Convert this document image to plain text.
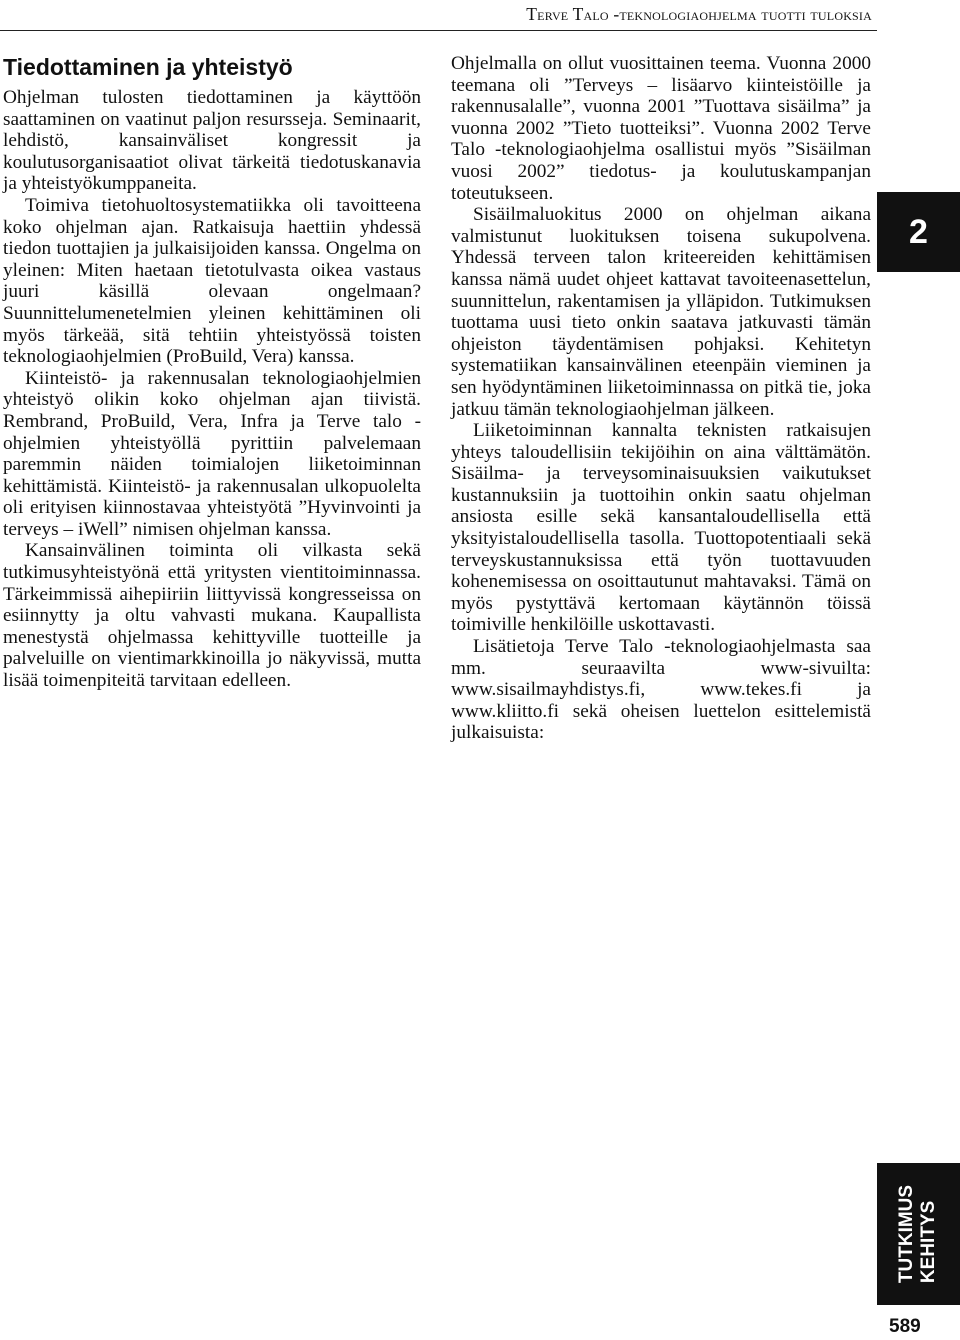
Terve Talo -teknologiaohjelma tuotti tuloksia
Tiedottaminen ja yhteistyö

Ohjelman tulosten tiedottaminen ja käyttöön saattaminen on vaatinut paljon resursseja. Seminaarit, lehdistö, kansainväliset kongressit ja koulutusorganisaatiot olivat tärkeitä tiedotuskanavia ja yhteistyökumppaneita.

Toimiva tietohuoltosystematiikka oli tavoitteena koko ohjelman ajan. Ratkaisuja haettiin yhdessä tiedon tuottajien ja julkaisijoiden kanssa. Ongelma on yleinen: Miten haetaan tietotulvasta oikea vastaus juuri käsillä olevaan ongelmaan? Suunnittelumenetelmien yleinen kehittäminen oli myös tärkeää, sitä tehtiin yhteistyössä toisten teknologiaohjelmien (ProBuild, Vera) kanssa.

Kiinteistö- ja rakennusalan teknologiaohjelmien yhteistyö olikin koko ohjelman ajan tiivistä. Rembrand, ProBuild, Vera, Infra ja Terve talo -ohjelmien yhteistyöllä pyrittiin palvelemaan paremmin näiden toimialojen liiketoiminnan kehittämistä. Kiinteistö- ja rakennusalan ulkopuolelta oli erityisen kiinnostavaa yhteistyötä ”Hyvinvointi ja terveys – iWell” nimisen ohjelman kanssa.

Kansainvälinen toiminta oli vilkasta sekä tutkimusyhteistyönä että yritysten vientitoiminnassa. Tärkeimmissä aihepiiriin liittyvissä kongresseissa on esiinnytty ja oltu vahvasti mukana. Kaupallista menestystä ohjelmassa kehittyville tuotteille ja palveluille on vientimarkkinoilla jo näkyvissä, mutta lisää toimenpiteitä tarvitaan edelleen.

Ohjelmalla on ollut vuosittainen teema. Vuonna 2000 teemana oli ”Terveys – lisäarvo kiinteistöille ja rakennusalalle”, vuonna 2001 ”Tuottava sisäilma” ja vuonna 2002 ”Tieto tuotteiksi”. Vuonna 2002 Terve Talo -teknologiaohjelma osallistui myös ”Sisäilman vuosi 2002” tiedotus- ja koulutuskampanjan toteutukseen.

Sisäilmaluokitus 2000 on ohjelman aikana valmistunut luokituksen toisena sukupolvena. Yhdessä terveen talon kriteereiden kehittämisen kanssa nämä uudet ohjeet kattavat tavoiteenasettelun, suunnittelun, rakentamisen ja ylläpidon. Tutkimuksen tuottama uusi tieto onkin saatava jatkuvasti tämän ohjeiston täydentämisen pohjaksi. Kehitetyn systematiikan kansainvälinen eteenpäin vieminen ja sen hyödyntäminen liiketoiminnassa on pitkä tie, joka jatkuu tämän teknologiaohjelman jälkeen.

Liiketoiminnan kannalta teknisten ratkaisujen yhteys taloudellisiin tekijöihin on aina välttämätön. Sisäilma- ja terveysominaisuuksien vaikutukset kustannuksiin ja tuottoihin onkin saatu ohjelman ansiosta esille sekä kansantaloudellisella että yksityistaloudellisella tasolla. Tuottopotentiaali sekä terveyskustannuksissa että työn tuottavuuden kohenemisessa on osoittautunut mahtavaksi. Tämä on myös pystyttävä kertomaan käytännön töissä toimiville henkilöille uskottavasti.

Lisätietoja Terve Talo -teknologiaohjelmasta saa mm. seuraavilta www-sivuilta: www.sisailmayhdistys.fi, www.tekes.fi ja www.kliitto.fi sekä oheisen luettelon esittelemistä julkaisuista:

2
TUTKIMUS KEHITYS
589
